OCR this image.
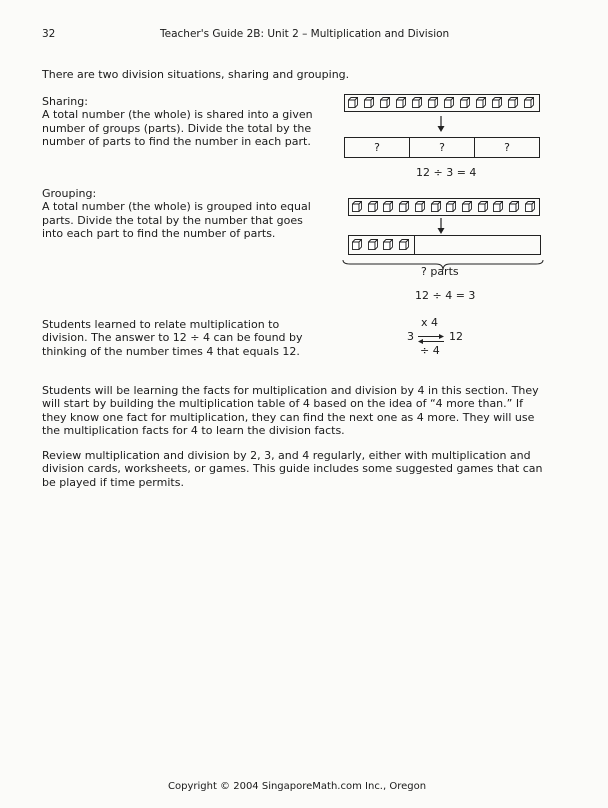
32	Teacher's Guide 2B: Unit 2 – Multiplication and Division
There are two division situations, sharing and grouping.
Sharing:
A total number (the whole) is shared into a given
number of groups (parts). Divide the total by the
number of parts to find the number in each part.	?	?	?
12 ÷ 3 = 4
Grouping:
A total number (the whole) is grouped into equal
parts. Divide the total by the number that goes
into each part to find the number of parts.
? parts
12 ÷ 4 = 3
Students learned to relate multiplication to
division. The answer to 12 ÷ 4 can be found by
thinking of the number times 4 that equals 12.
x 4
3	12
÷ 4
Students will be learning the facts for multiplication and division by 4 in this section. They
will start by building the multiplication table of 4 based on the idea of “4 more than.” If
they know one fact for multiplication, they can find the next one as 4 more. They will use
the multiplication facts for 4 to learn the division facts.
Review multiplication and division by 2, 3, and 4 regularly, either with multiplication and
division cards, worksheets, or games. This guide includes some suggested games that can
be played if time permits.
Copyright © 2004 SingaporeMath.com Inc., Oregon
